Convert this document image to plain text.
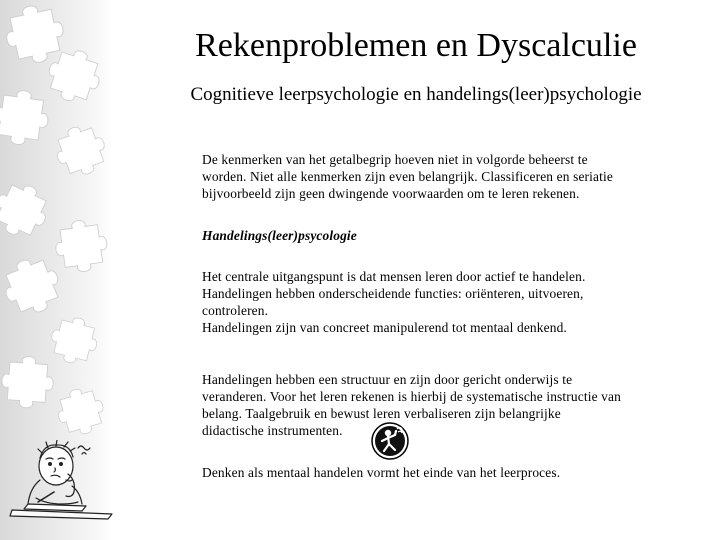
Rekenproblemen en Dyscalculie
Cognitieve leerpsychologie en handelings(leer)psychologie

De kenmerken van het getalbegrip hoeven niet in volgorde beheerst te
worden. Niet alle kenmerken zijn even belangrijk. Classificeren en seriatie
bijvoorbeeld zijn geen dwingende voorwaarden om te leren rekenen.

Handelings(leer)psycologie

Het centrale uitgangspunt is dat mensen leren door actief te handelen.
Handelingen hebben onderscheidende functies: oriënteren, uitvoeren,
controleren.
Handelingen zijn van concreet manipulerend tot mentaal denkend.

Handelingen hebben een structuur en zijn door gericht onderwijs te
veranderen. Voor het leren rekenen is hierbij de systematische instructie van
belang. Taalgebruik en bewust leren verbaliseren zijn belangrijke
didactische instrumenten.

Denken als mentaal handelen vormt het einde van het leerproces.
